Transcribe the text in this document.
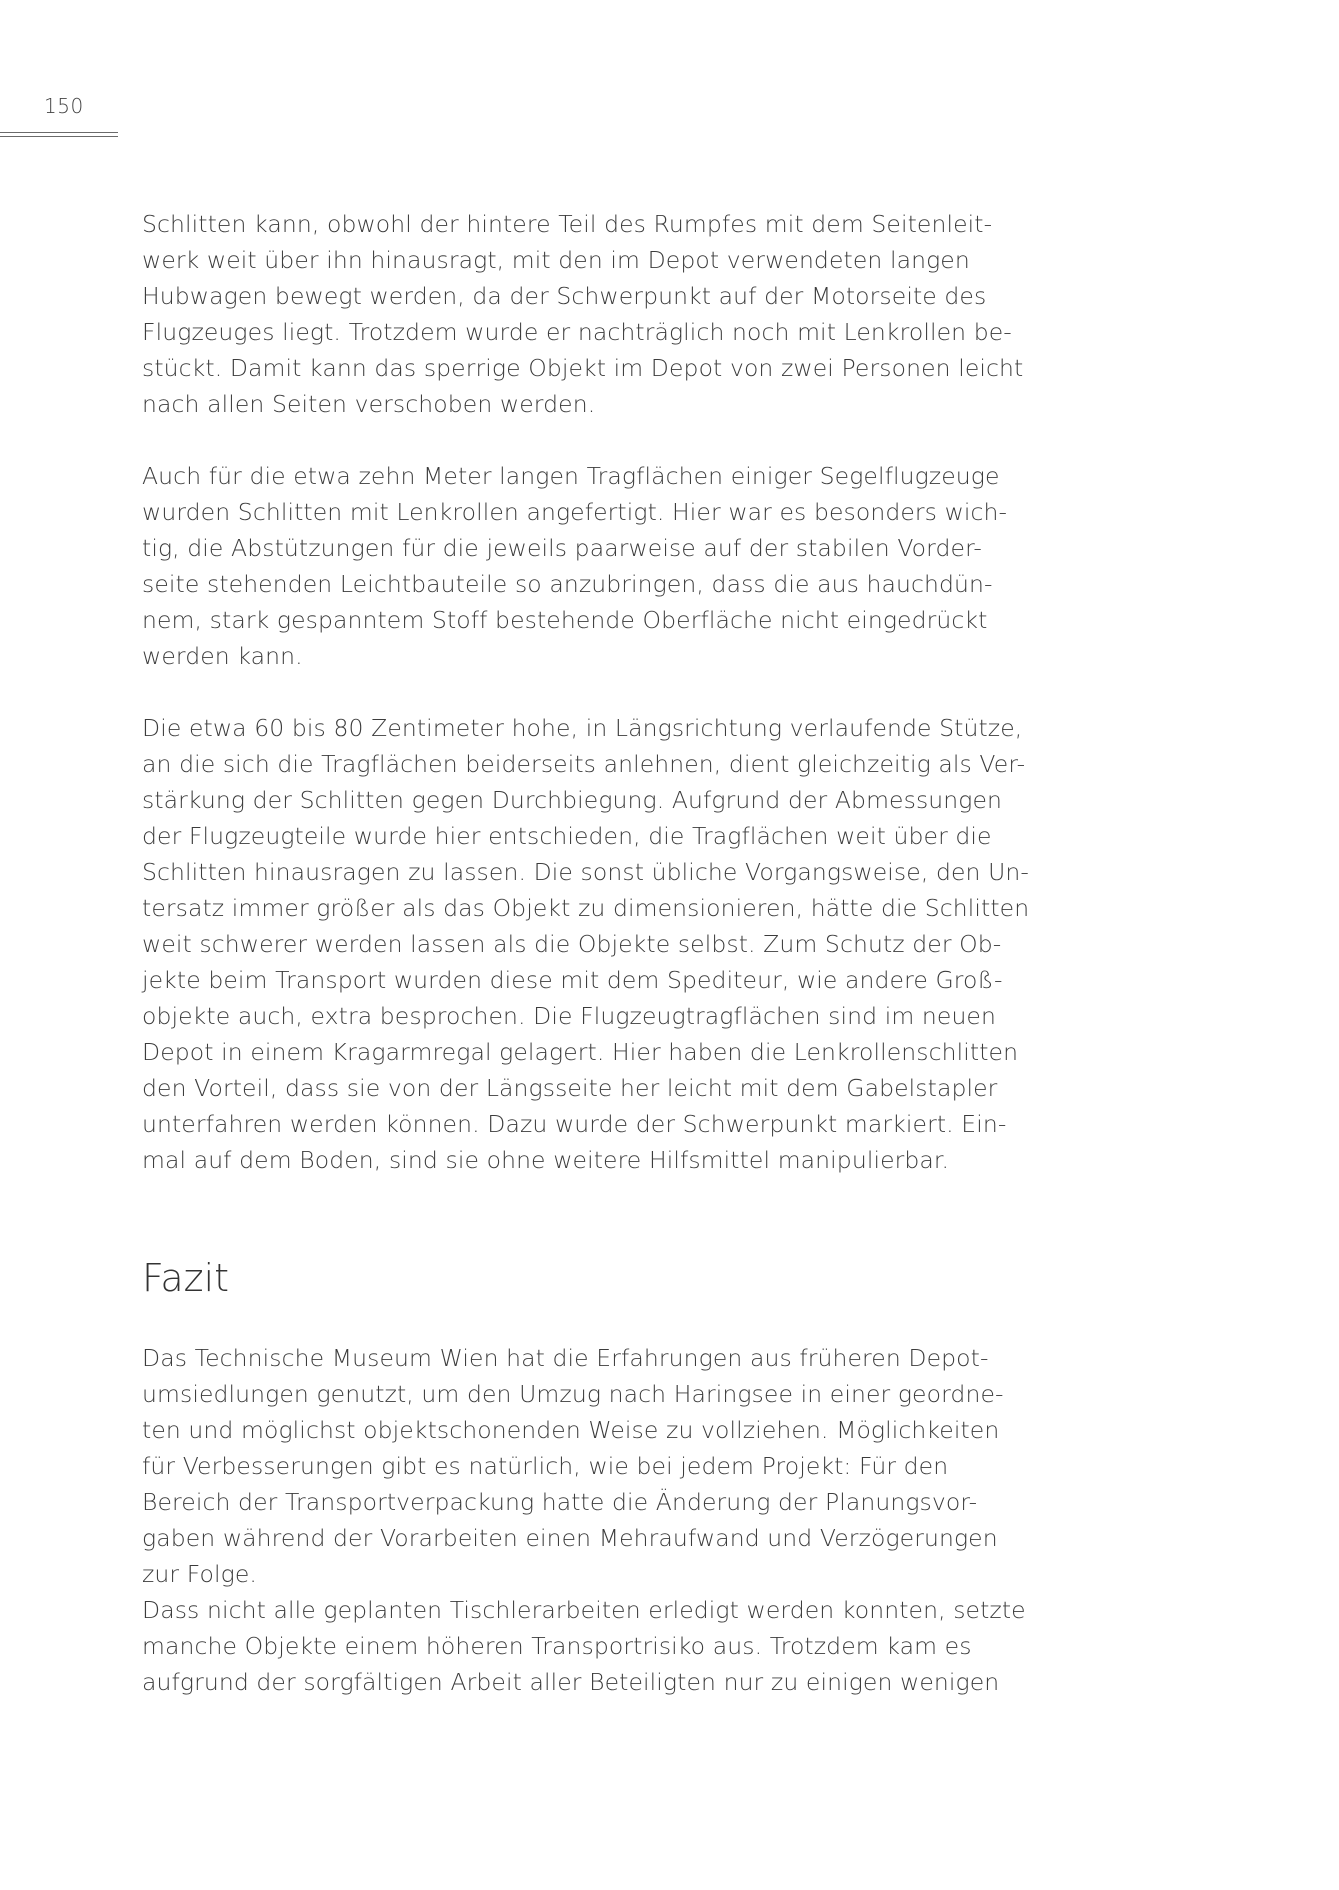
150

Schlitten kann, obwohl der hintere Teil des Rumpfes mit dem Seitenleit-
werk weit über ihn hinausragt, mit den im Depot verwendeten langen
Hubwagen bewegt werden, da der Schwerpunkt auf der Motorseite des
Flugzeuges liegt. Trotzdem wurde er nachträglich noch mit Lenkrollen be-
stückt. Damit kann das sperrige Objekt im Depot von zwei Personen leicht
nach allen Seiten verschoben werden.

Auch für die etwa zehn Meter langen Tragflächen einiger Segelflugzeuge
wurden Schlitten mit Lenkrollen angefertigt. Hier war es besonders wich-
tig, die Abstützungen für die jeweils paarweise auf der stabilen Vorder-
seite stehenden Leichtbauteile so anzubringen, dass die aus hauchdün-
nem, stark gespanntem Stoff bestehende Oberfläche nicht eingedrückt
werden kann.

Die etwa 60 bis 80 Zentimeter hohe, in Längsrichtung verlaufende Stütze,
an die sich die Tragflächen beiderseits anlehnen, dient gleichzeitig als Ver-
stärkung der Schlitten gegen Durchbiegung. Aufgrund der Abmessungen
der Flugzeugteile wurde hier entschieden, die Tragflächen weit über die
Schlitten hinausragen zu lassen. Die sonst übliche Vorgangsweise, den Un-
tersatz immer größer als das Objekt zu dimensionieren, hätte die Schlitten
weit schwerer werden lassen als die Objekte selbst. Zum Schutz der Ob-
jekte beim Transport wurden diese mit dem Spediteur, wie andere Groß-
objekte auch, extra besprochen. Die Flugzeugtragflächen sind im neuen
Depot in einem Kragarmregal gelagert. Hier haben die Lenkrollenschlitten
den Vorteil, dass sie von der Längsseite her leicht mit dem Gabelstapler
unterfahren werden können. Dazu wurde der Schwerpunkt markiert. Ein-
mal auf dem Boden, sind sie ohne weitere Hilfsmittel manipulierbar.

Fazit

Das Technische Museum Wien hat die Erfahrungen aus früheren Depot-
umsiedlungen genutzt, um den Umzug nach Haringsee in einer geordne-
ten und möglichst objektschonenden Weise zu vollziehen. Möglichkeiten
für Verbesserungen gibt es natürlich, wie bei jedem Projekt: Für den
Bereich der Transportverpackung hatte die Änderung der Planungsvor-
gaben während der Vorarbeiten einen Mehraufwand und Verzögerungen
zur Folge.

Dass nicht alle geplanten Tischlerarbeiten erledigt werden konnten, setzte
manche Objekte einem höheren Transportrisiko aus. Trotzdem kam es
aufgrund der sorgfältigen Arbeit aller Beteiligten nur zu einigen wenigen
